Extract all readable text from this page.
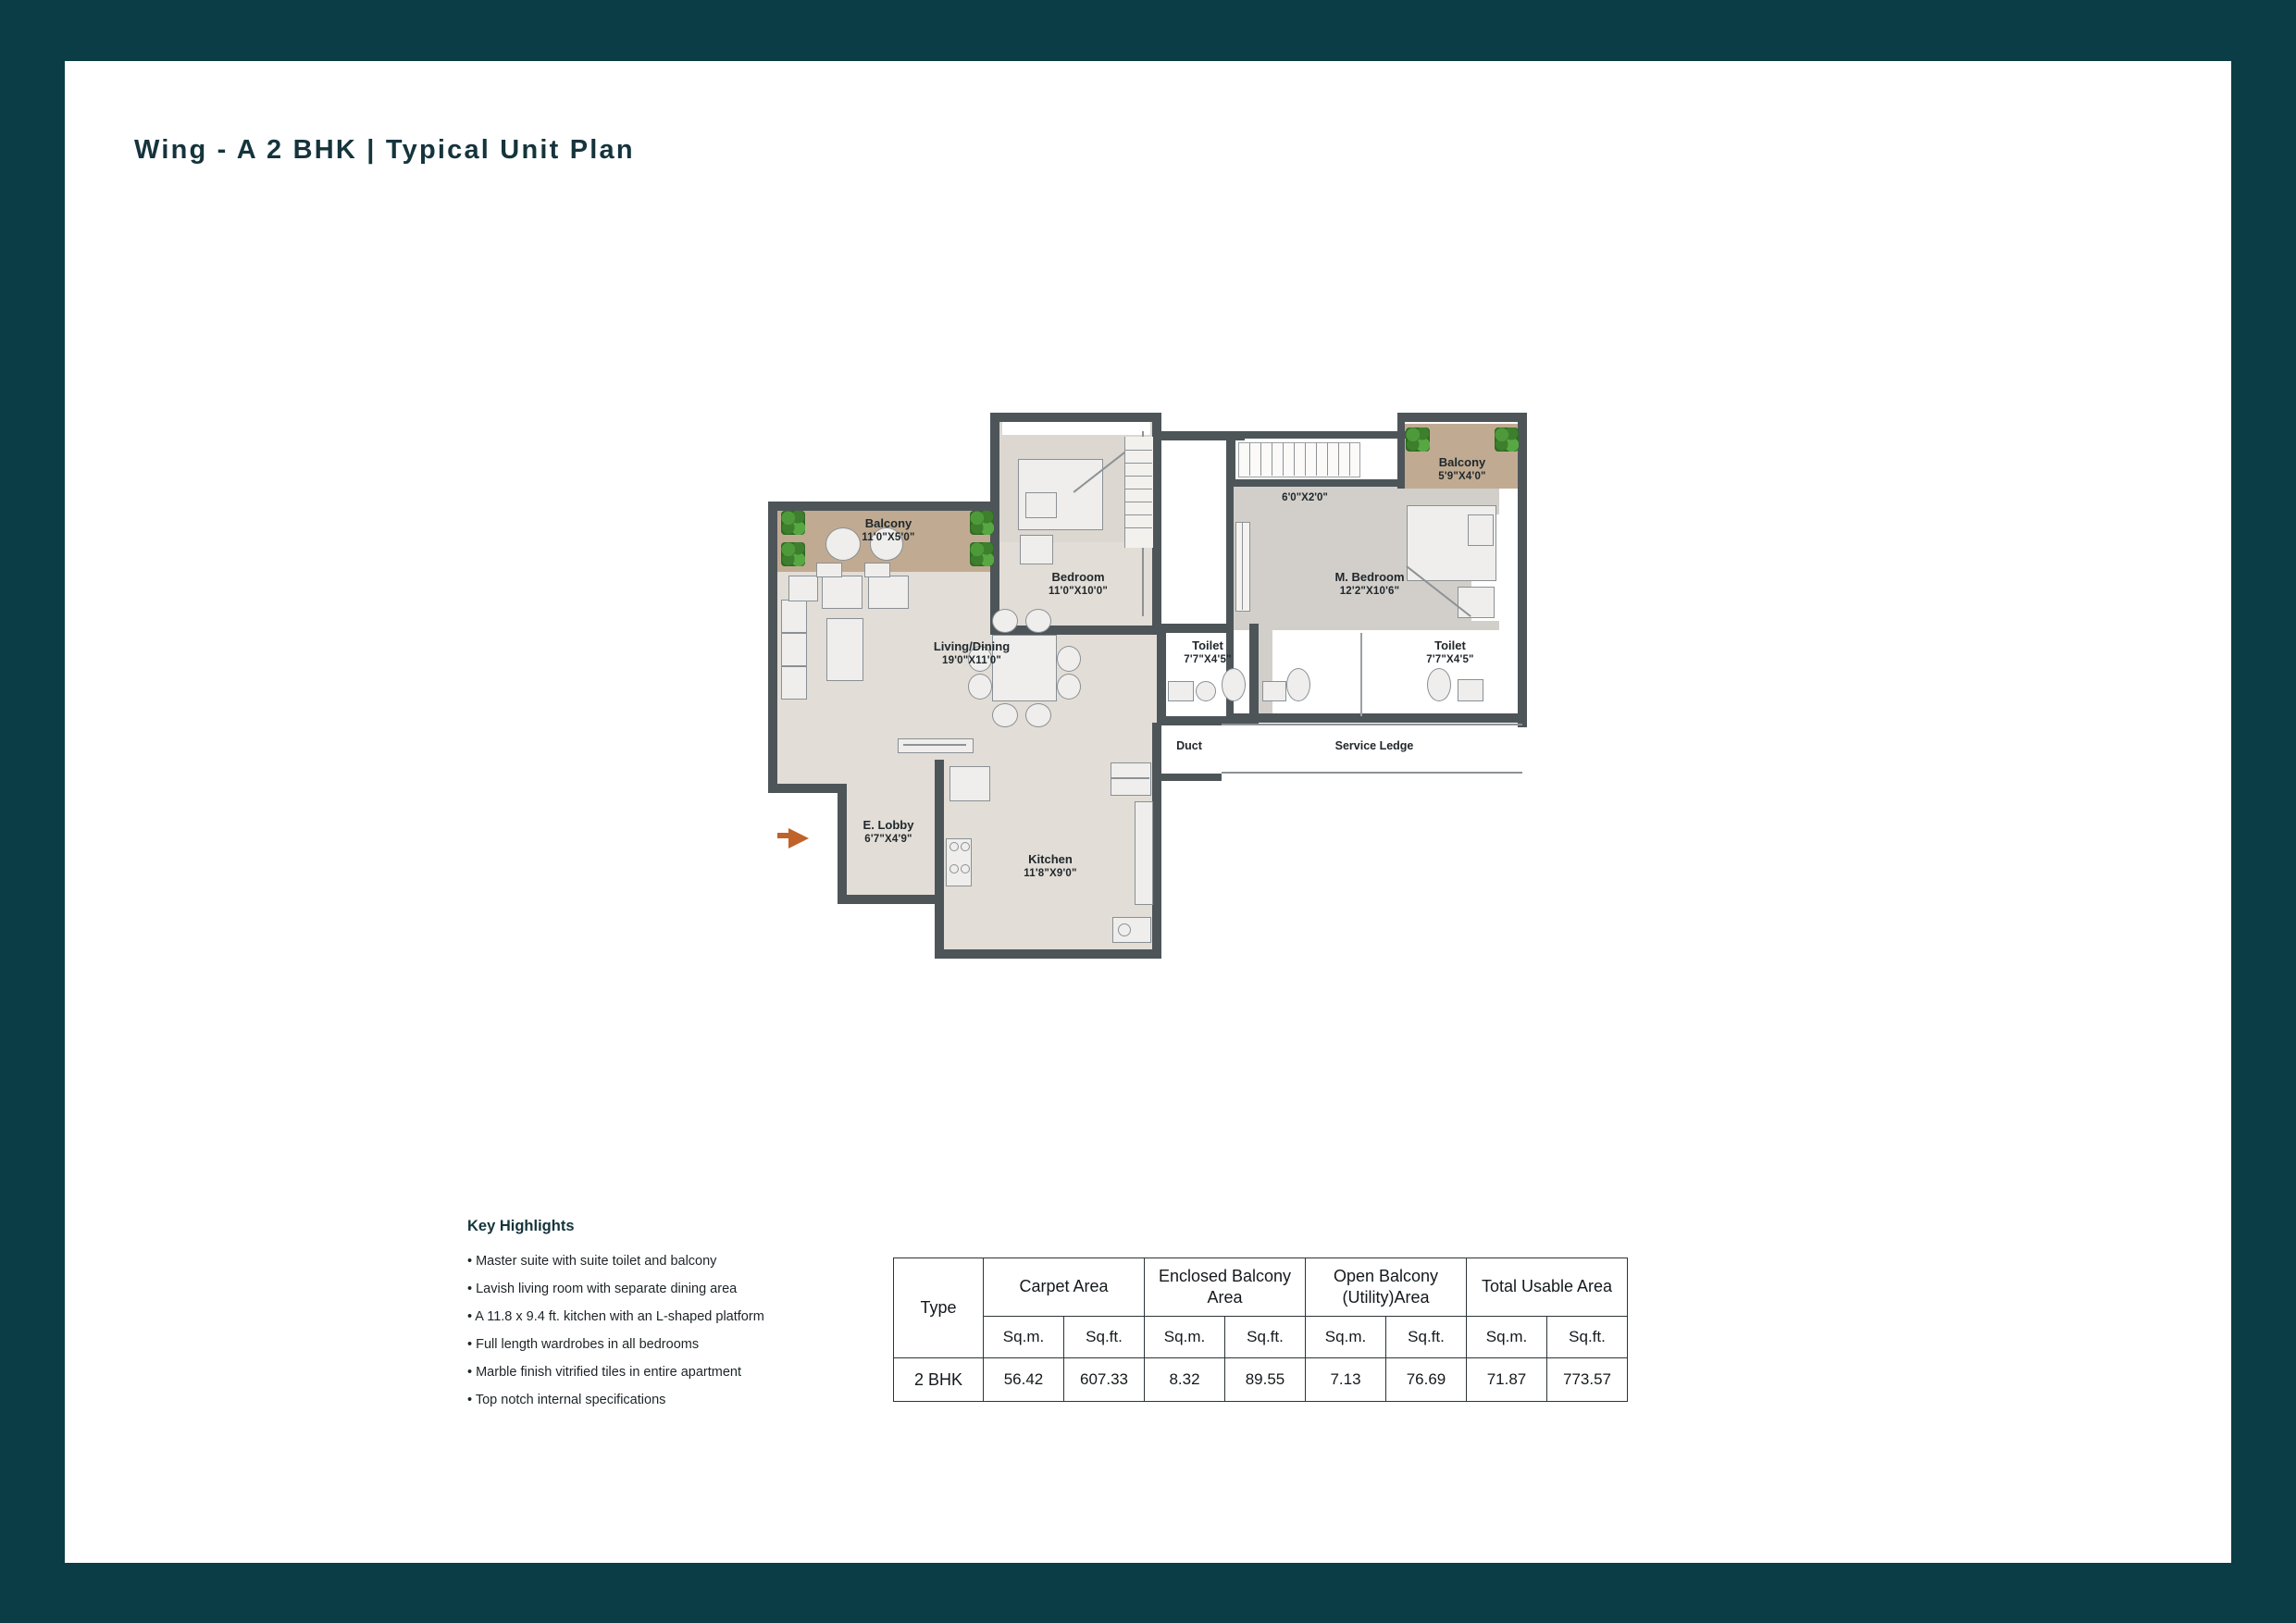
Wing - A 2 BHK | Typical Unit Plan
Balcony
11'0"X5'0"
Bedroom
11'0"X10'0"
Balcony
5'9"X4'0"
M. Bedroom
12'2"X10'6"
Living/Dining
19'0"X11'0"
Toilet
7'7"X4'5"
Toilet
7'7"X4'5"
E. Lobby
6'7"X4'9"
Kitchen
11'8"X9'0"
6'0"X2'0"
Duct	Service Ledge
Key Highlights
• Master suite with suite toilet and balcony
• Lavish living room with separate dining area
• A 11.8 x 9.4 ft. kitchen with an L-shaped platform
• Full length wardrobes in all bedrooms
• Marble finish vitrified tiles in entire apartment
• Top notch internal specifications
Type	Carpet Area		Enclosed Balcony Area		Open Balcony (Utility)Area		Total Usable Area	
	Sq.m.	Sq.ft.	Sq.m.	Sq.ft.	Sq.m.	Sq.ft.	Sq.m.	Sq.ft.
2 BHK	56.42	607.33	8.32	89.55	7.13	76.69	71.87	773.57
